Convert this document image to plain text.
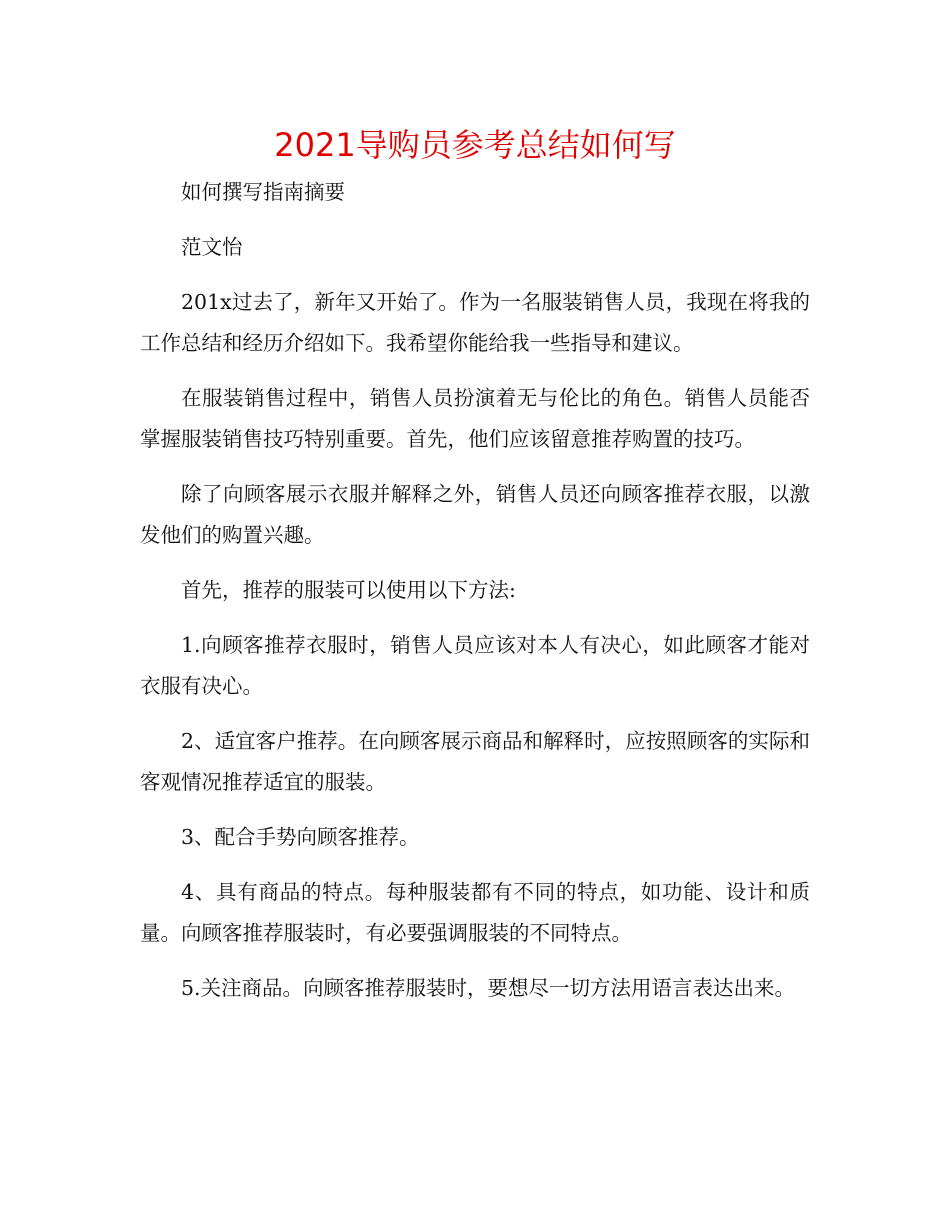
2021导购员参考总结如何写

如何撰写指南摘要

范文怡

201x过去了，新年又开始了。作为一名服装销售人员，我现在将我的工作总结和经历介绍如下。我希望你能给我一些指导和建议。

在服装销售过程中，销售人员扮演着无与伦比的角色。销售人员能否掌握服装销售技巧特别重要。首先，他们应该留意推荐购置的技巧。

除了向顾客展示衣服并解释之外，销售人员还向顾客推荐衣服，以激发他们的购置兴趣。

首先，推荐的服装可以使用以下方法:

1.向顾客推荐衣服时，销售人员应该对本人有决心，如此顾客才能对衣服有决心。

2、适宜客户推荐。在向顾客展示商品和解释时，应按照顾客的实际和客观情况推荐适宜的服装。

3、配合手势向顾客推荐。

4、具有商品的特点。每种服装都有不同的特点，如功能、设计和质量。向顾客推荐服装时，有必要强调服装的不同特点。

5.关注商品。向顾客推荐服装时，要想尽一切方法用语言表达出来。
